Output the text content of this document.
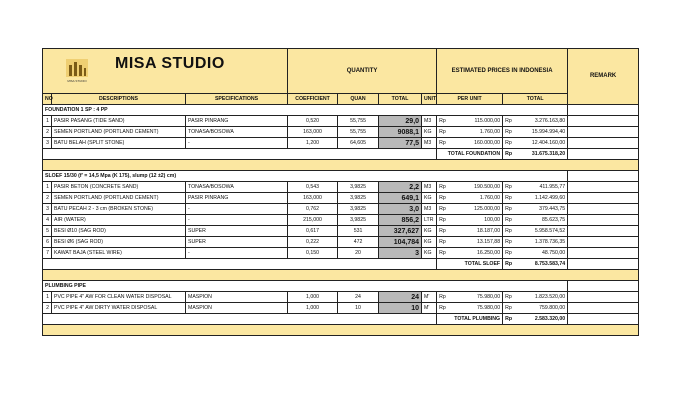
MISA STUDIO
MISA STUDIO			QUANTITY				ESTIMATED PRICES IN INDONESIA				REMARK
NO	DESCRIPTIONS	SPECIFICATIONS	COEFFICIENT	QUAN	TOTAL	UNIT	PER UNIT		TOTAL		
FOUNDATION 1 SP : 4 PP											
1	PASIR PASANG (TIDE SAND)	PASIR PINRANG	0,520	55,755	29,0	M3	Rp	115.000,00	Rp	3.276.163,80	
2	SEMEN PORTLAND (PORTLAND CEMENT)	TONASA/BOSOWA	163,000	55,755	9088,1	KG	Rp	1.760,00	Rp	15.994.994,40	
3	BATU BELAH (SPLIT STONE)	-	1,200	64,605	77,5	M3	Rp	160.000,00	Rp	12.404.160,00	
							TOTAL FOUNDATION		Rp	31.675.318,20	

SLOEF 15/30 (f' = 14,5 Mpa (K 175), slump (12 ±2) cm)											
1	PASIR BETON (CONCRETE SAND)	TONASA/BOSOWA	0,543	3,9825	2,2	M3	Rp	190.500,00	Rp	411.955,77	
2	SEMEN PORTLAND (PORTLAND CEMENT)	PASIR PINRANG	163,000	3,9825	649,1	KG	Rp	1.760,00	Rp	1.142.499,60	
3	BATU PECAH 2 - 3 cm (BROKEN STONE)	-	0,762	3,9825	3,0	M3	Rp	125.000,00	Rp	379.443,75	
4	AIR (WATER)	-	215,000	3,9825	856,2	LTR	Rp	100,00	Rp	85.623,75	
5	BESI Ø10 (SAG ROD)	SUPER	0,617	531	327,627	KG	Rp	18.187,00	Rp	5.958.574,52	
6	BESI Ø6 (SAG ROD)	SUPER	0,222	472	104,784	KG	Rp	13.157,88	Rp	1.378.736,35	
7	KAWAT BAJA (STEEL WIRE)	-	0,150	20	3	KG	Rp	16.250,00	Rp	48.750,00	
							TOTAL SLOEF		Rp	8.753.583,74	

PLUMBING PIPE											
1	PVC PIPE 4" AW FOR CLEAN WATER DISPOSAL	MASPION	1,000	24	24	M'	Rp	75.980,00	Rp	1.823.520,00	
2	PVC PIPE 4" AW DIRTY WATER DISPOSAL	MASPION	1,000	10	10	M'	Rp	75.980,00	Rp	759.800,00	
							TOTAL PLUMBING		Rp	2.583.320,00	
